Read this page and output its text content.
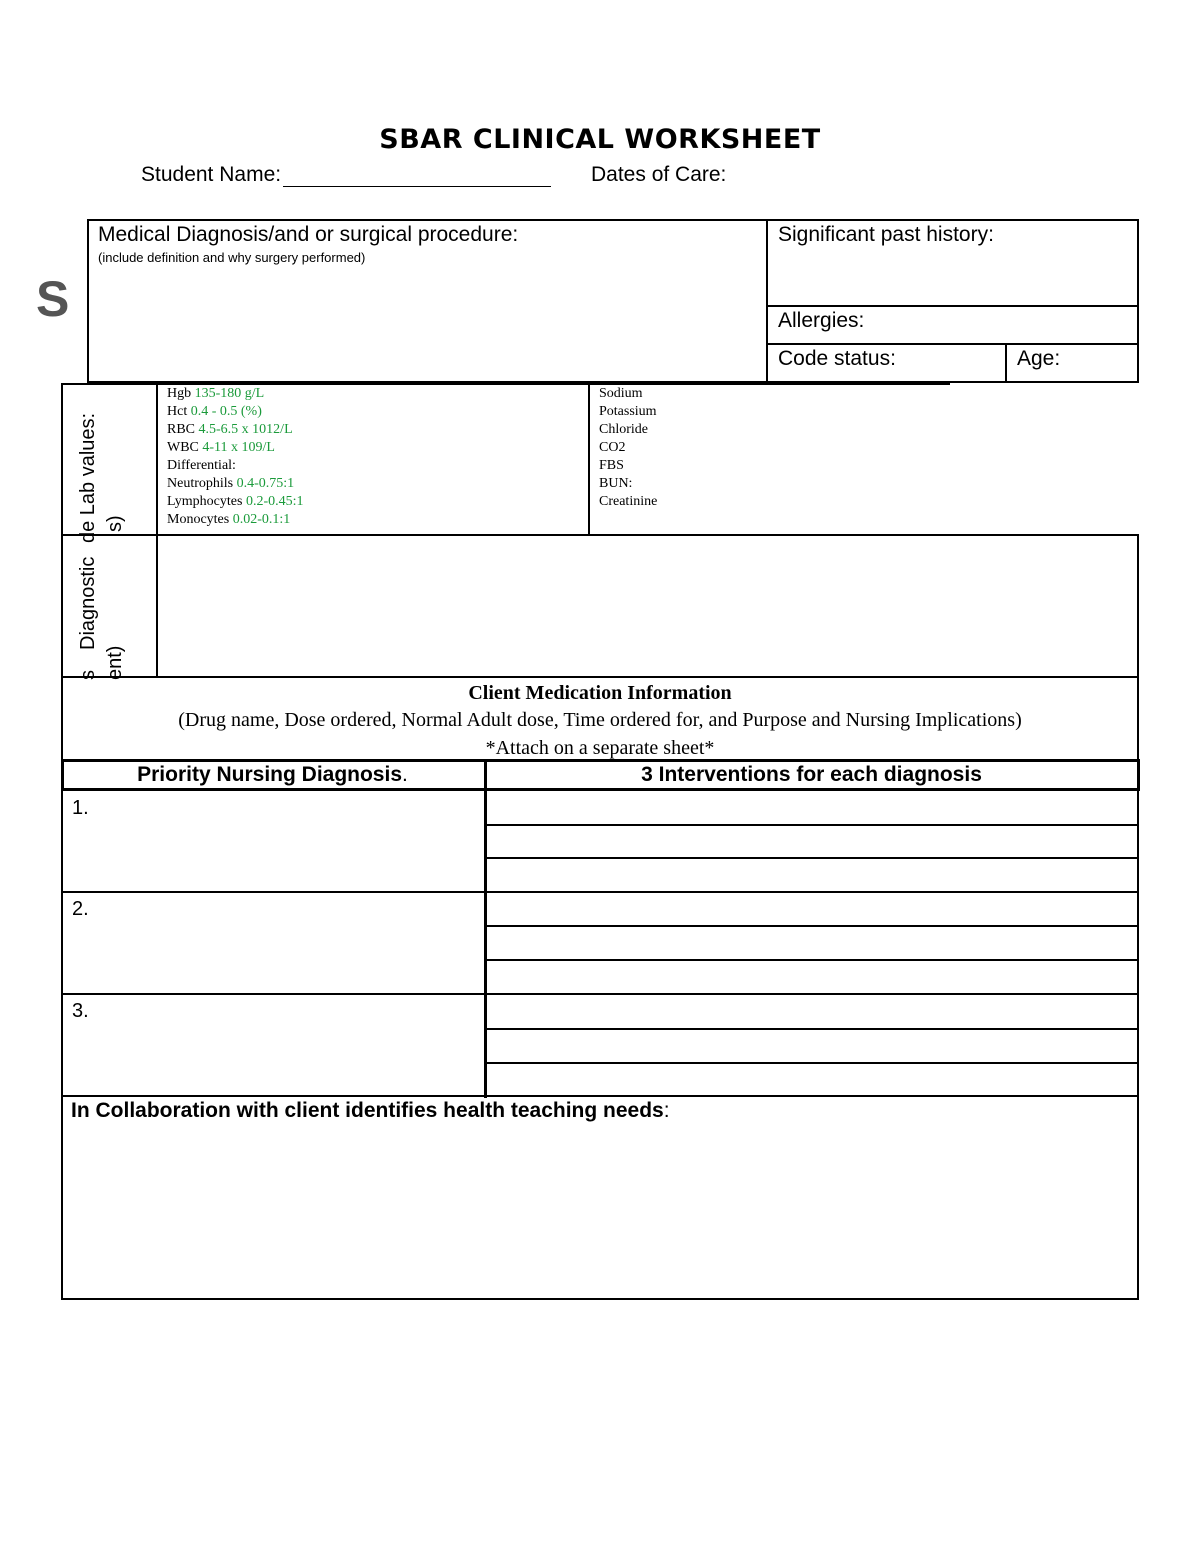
SBAR CLINICAL WORKSHEET
Student Name:	Dates of Care:
S
Medical Diagnosis/and or surgical procedure:
(include definition and why surgery performed)
Significant past history:
Allergies:
Code status:	Age:
Diagnostic
de Lab values: s)
s ent)
Hgb 135-180 g/L
Hct 0.4 - 0.5 (%)
RBC 4.5-6.5 x 1012/L
WBC 4-11 x 109/L
Differential:
Neutrophils 0.4-0.75:1
Lymphocytes 0.2-0.45:1
Monocytes 0.02-0.1:1
Sodium
Potassium
Chloride
CO2
FBS
BUN:
Creatinine
Client Medication Information
(Drug name, Dose ordered, Normal Adult dose, Time ordered for, and Purpose and Nursing Implications)
*Attach on a separate sheet*
Priority Nursing Diagnosis.	3 Interventions for each diagnosis
1.
2.
3.
In Collaboration with client identifies health teaching needs:
